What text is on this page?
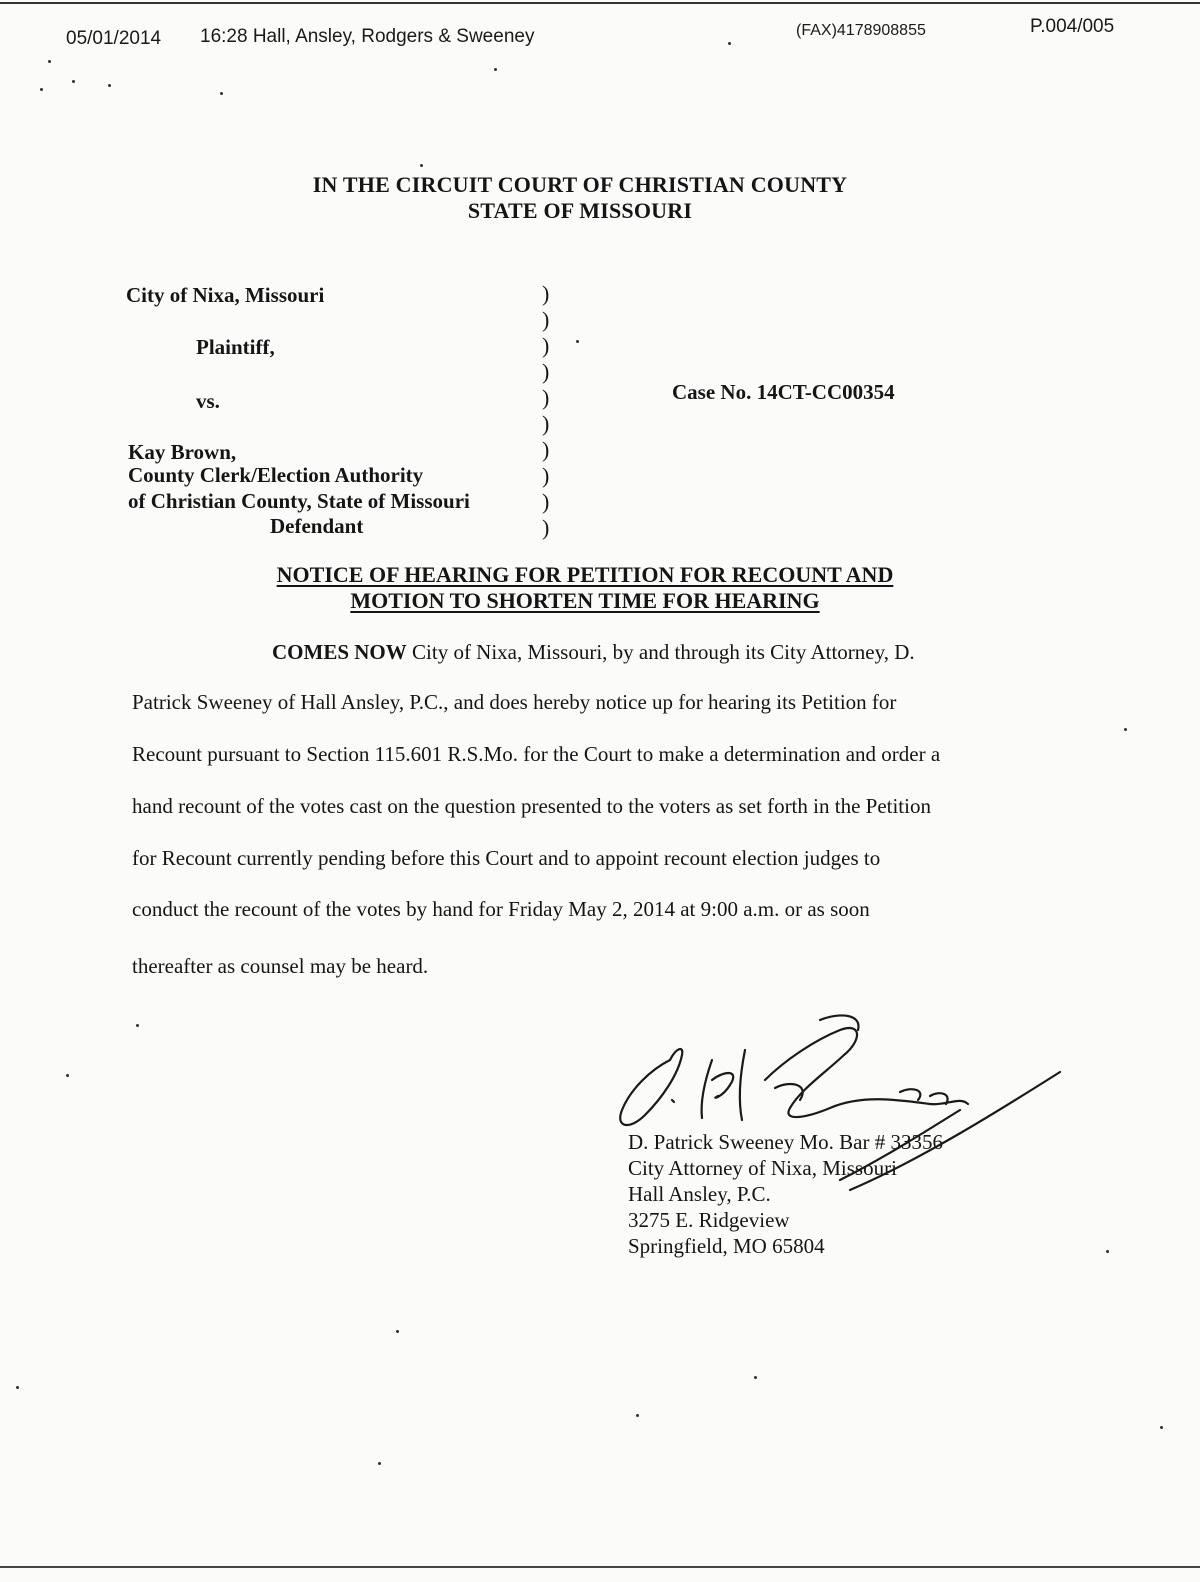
05/01/2014 16:28 Hall, Ansley, Rodgers & Sweeney	(FAX)4178908855	P.004/005
IN THE CIRCUIT COURT OF CHRISTIAN COUNTY
STATE OF MISSOURI
City of Nixa, Missouri
Plaintiff,
vs.
Kay Brown,
County Clerk/Election Authority
of Christian County, State of Missouri
Defendant
Case No. 14CT-CC00354
)
)
)
)
)
)
)
)
)
)
NOTICE OF HEARING FOR PETITION FOR RECOUNT AND
MOTION TO SHORTEN TIME FOR HEARING
COMES NOW City of Nixa, Missouri, by and through its City Attorney, D.
Patrick Sweeney of Hall Ansley, P.C., and does hereby notice up for hearing its Petition for
Recount pursuant to Section 115.601 R.S.Mo. for the Court to make a determination and order a
hand recount of the votes cast on the question presented to the voters as set forth in the Petition
for Recount currently pending before this Court and to appoint recount election judges to
conduct the recount of the votes by hand for Friday May 2, 2014 at 9:00 a.m. or as soon
thereafter as counsel may be heard.
D. Patrick Sweeney Mo. Bar # 33356
City Attorney of Nixa, Missouri
Hall Ansley, P.C.
3275 E. Ridgeview
Springfield, MO 65804
